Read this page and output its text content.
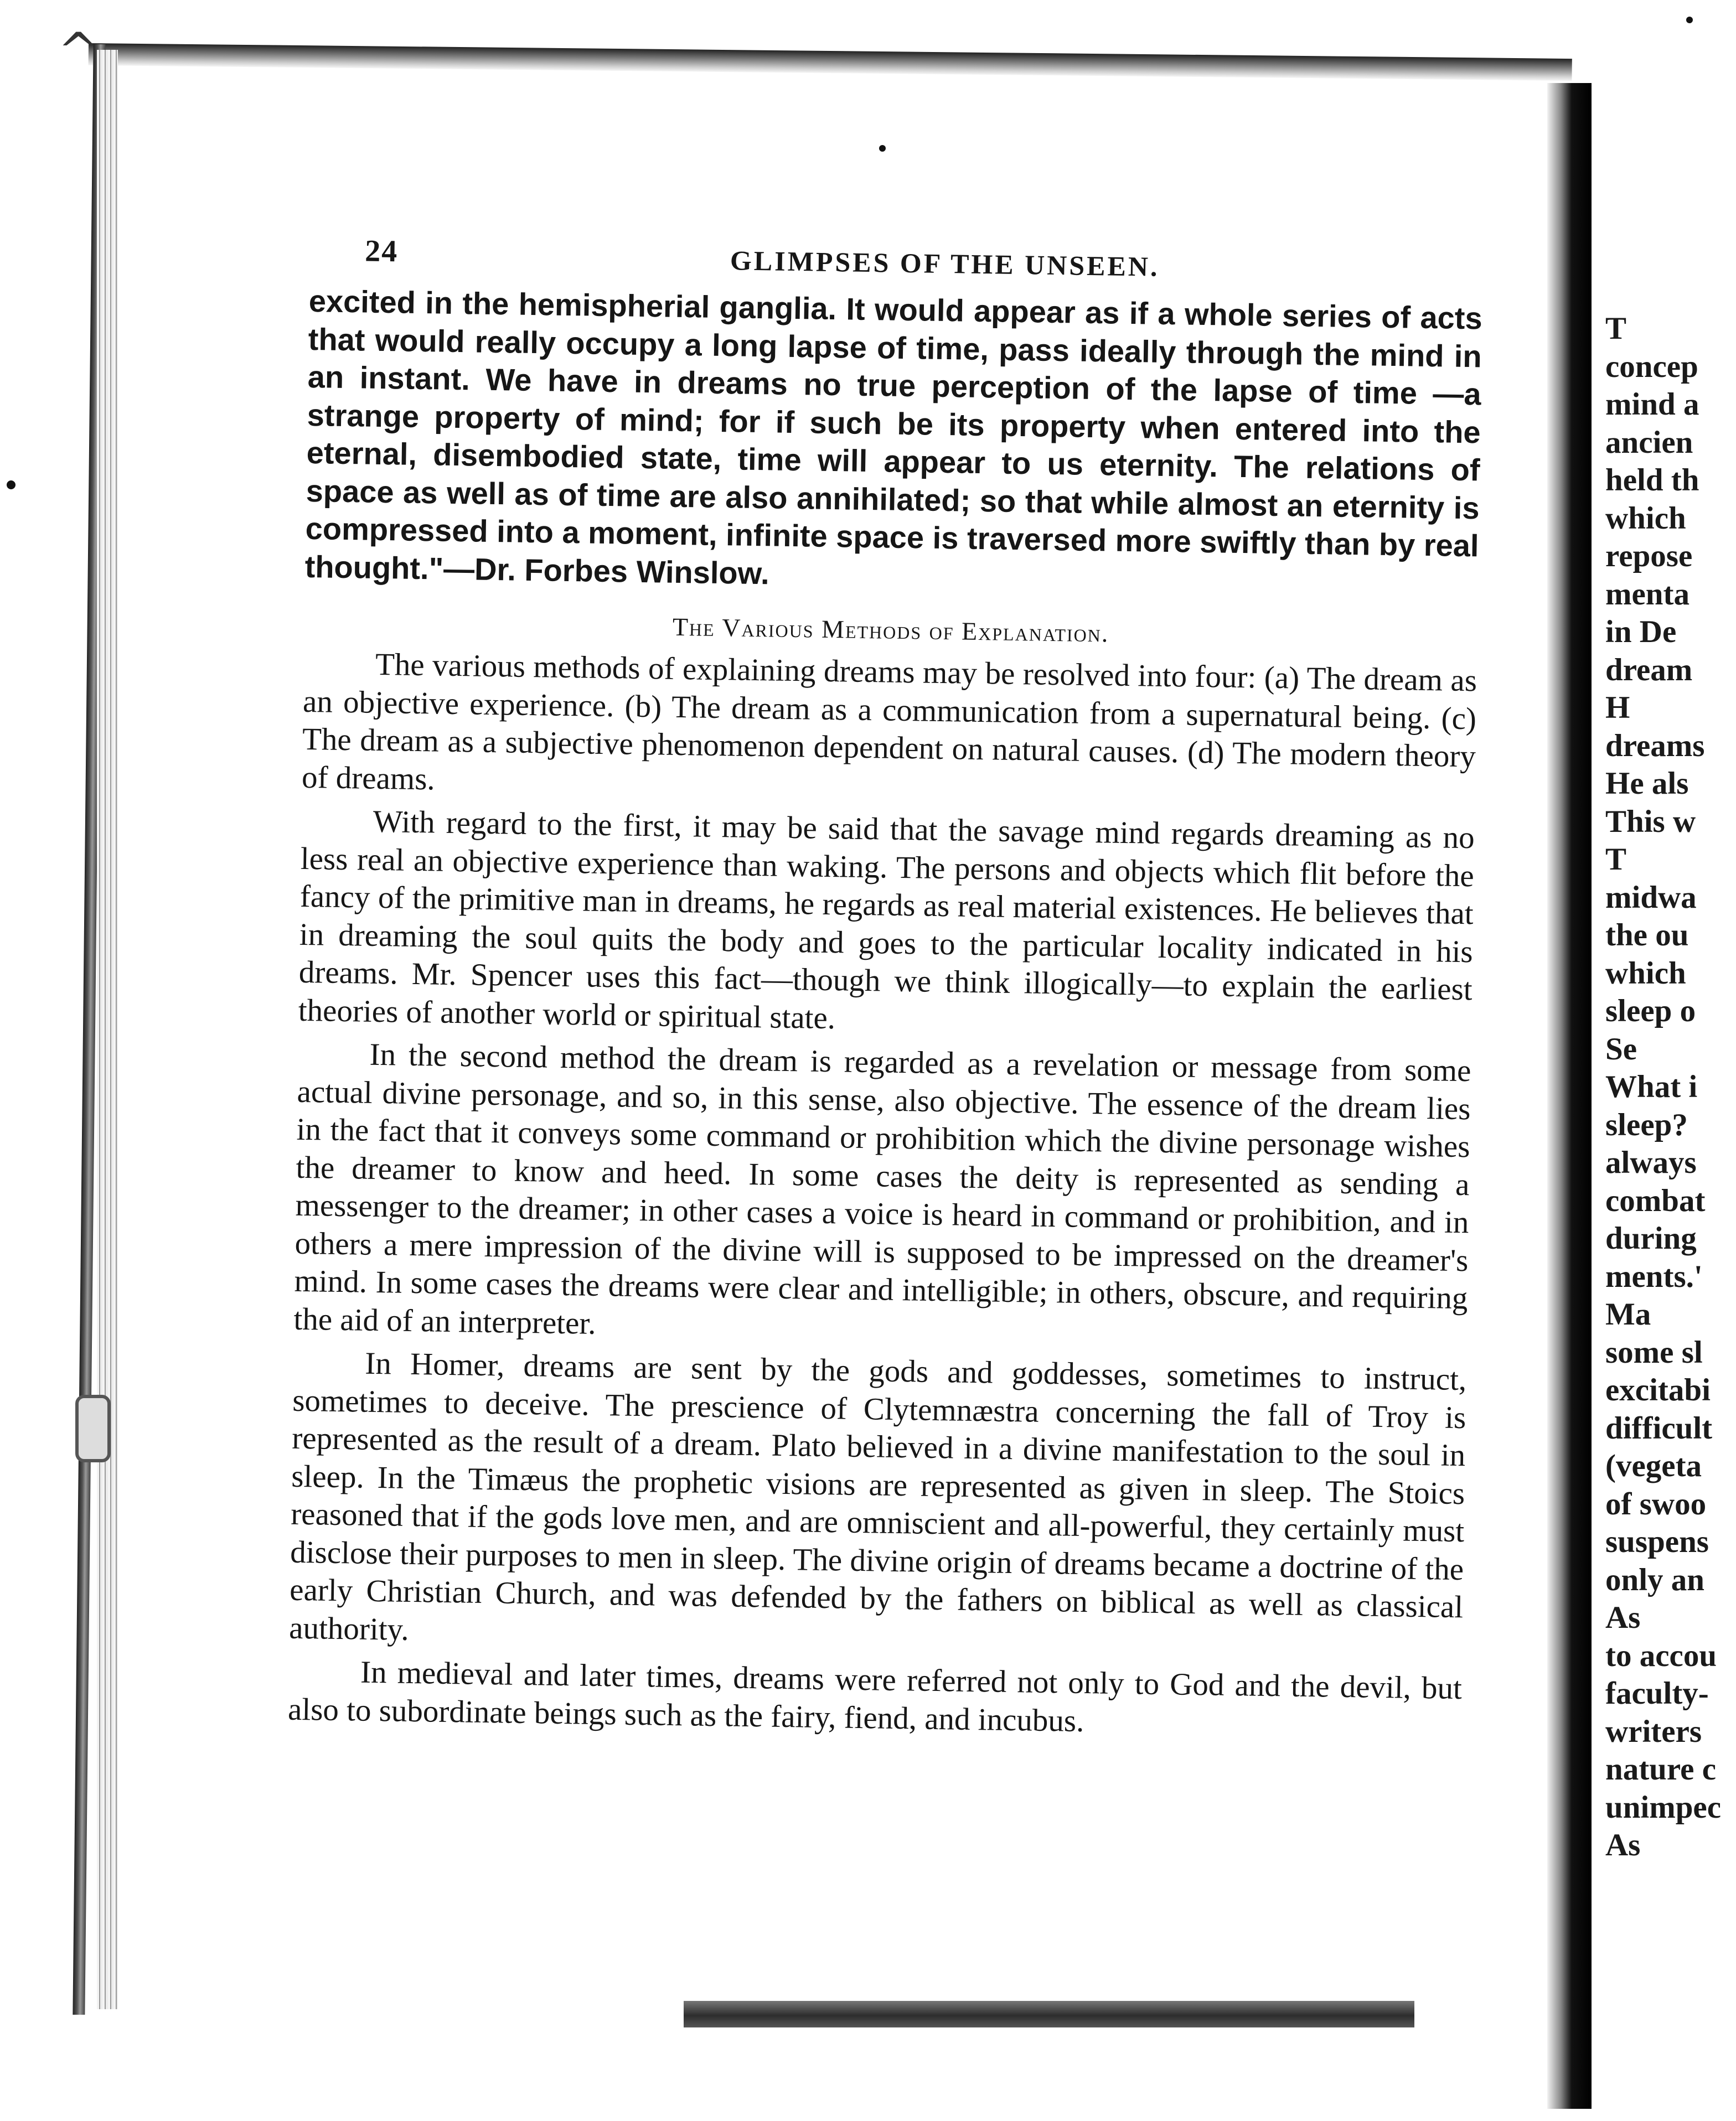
^
24	GLIMPSES OF THE UNSEEN.

excited in the hemispherial ganglia. It would appear as if a whole series of acts that would really occupy a long lapse of time, pass ideally through the mind in an instant. We have in dreams no true perception of the lapse of time —a strange property of mind; for if such be its property when entered into the eternal, disembodied state, time will appear to us eternity. The relations of space as well as of time are also annihilated; so that while almost an eternity is compressed into a moment, infinite space is traversed more swiftly than by real thought."—Dr. Forbes Winslow.

The Various Methods of Explanation.

The various methods of explaining dreams may be resolved into four: (a) The dream as an objective experience. (b) The dream as a communication from a supernatural being. (c) The dream as a subjective phenomenon dependent on natural causes. (d) The modern theory of dreams.

With regard to the first, it may be said that the savage mind regards dreaming as no less real an objective experience than waking. The persons and objects which flit before the fancy of the primitive man in dreams, he regards as real material existences. He believes that in dreaming the soul quits the body and goes to the particular locality indicated in his dreams. Mr. Spencer uses this fact—though we think illogically—to explain the earliest theories of another world or spiritual state.

In the second method the dream is regarded as a revelation or message from some actual divine personage, and so, in this sense, also objective. The essence of the dream lies in the fact that it conveys some command or prohibition which the divine personage wishes the dreamer to know and heed. In some cases the deity is represented as sending a messenger to the dreamer; in other cases a voice is heard in command or prohibition, and in others a mere impression of the divine will is supposed to be impressed on the dreamer's mind. In some cases the dreams were clear and intelligible; in others, obscure, and requiring the aid of an interpreter.

In Homer, dreams are sent by the gods and goddesses, sometimes to instruct, sometimes to deceive. The prescience of Clytemnæstra concerning the fall of Troy is represented as the result of a dream. Plato believed in a divine manifestation to the soul in sleep. In the Timæus the prophetic visions are represented as given in sleep. The Stoics reasoned that if the gods love men, and are omniscient and all-powerful, they certainly must disclose their purposes to men in sleep. The divine origin of dreams became a doctrine of the early Christian Church, and was defended by the fathers on biblical as well as classical authority.

In medieval and later times, dreams were referred not only to God and the devil, but also to subordinate beings such as the fairy, fiend, and incubus.

T
concep
mind a
ancien
held th
which
repose
menta
in De
dream
H
dreams
He als
This w
T
midwa
the ou
which
sleep o
Se
What i
sleep?
always
combat
during
ments.'
Ma
some sl
excitabi
difficult
(vegeta
of swoo
suspens
only an
As
to accou
faculty-
writers
nature c
unimpec
As
